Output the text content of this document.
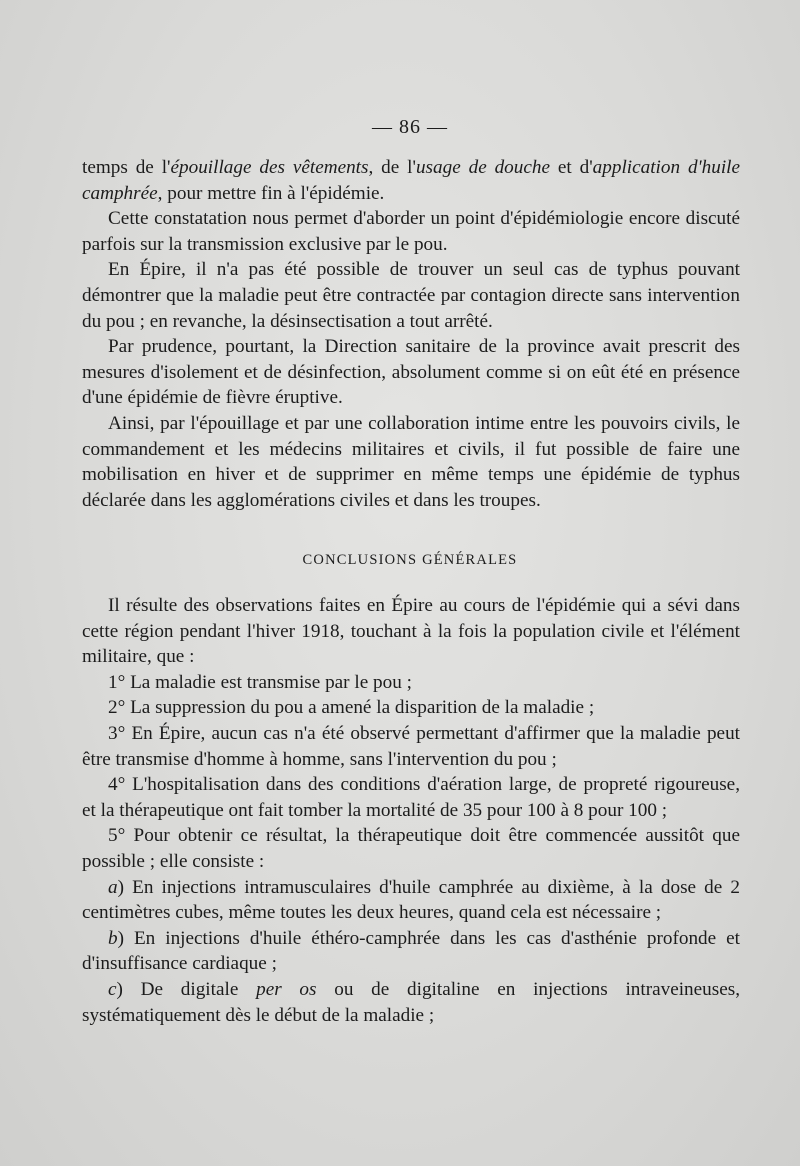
— 86 —

temps de l'épouillage des vêtements, de l'usage de douche et d'application d'huile camphrée, pour mettre fin à l'épidémie.

Cette constatation nous permet d'aborder un point d'épidémiologie encore discuté parfois sur la transmission exclusive par le pou.

En Épire, il n'a pas été possible de trouver un seul cas de typhus pouvant démontrer que la maladie peut être contractée par contagion directe sans intervention du pou ; en revanche, la désinsectisation a tout arrêté.

Par prudence, pourtant, la Direction sanitaire de la province avait prescrit des mesures d'isolement et de désinfection, absolument comme si on eût été en présence d'une épidémie de fièvre éruptive.

Ainsi, par l'épouillage et par une collaboration intime entre les pouvoirs civils, le commandement et les médecins militaires et civils, il fut possible de faire une mobilisation en hiver et de supprimer en même temps une épidémie de typhus déclarée dans les agglomérations civiles et dans les troupes.

CONCLUSIONS GÉNÉRALES

Il résulte des observations faites en Épire au cours de l'épidémie qui a sévi dans cette région pendant l'hiver 1918, touchant à la fois la population civile et l'élément militaire, que :

1° La maladie est transmise par le pou ;

2° La suppression du pou a amené la disparition de la maladie ;

3° En Épire, aucun cas n'a été observé permettant d'affirmer que la maladie peut être transmise d'homme à homme, sans l'intervention du pou ;

4° L'hospitalisation dans des conditions d'aération large, de propreté rigoureuse, et la thérapeutique ont fait tomber la mortalité de 35 pour 100 à 8 pour 100 ;

5° Pour obtenir ce résultat, la thérapeutique doit être commencée aussitôt que possible ; elle consiste :

a) En injections intramusculaires d'huile camphrée au dixième, à la dose de 2 centimètres cubes, même toutes les deux heures, quand cela est nécessaire ;

b) En injections d'huile éthéro-camphrée dans les cas d'asthénie profonde et d'insuffisance cardiaque ;

c) De digitale per os ou de digitaline en injections intraveineuses, systématiquement dès le début de la maladie ;
